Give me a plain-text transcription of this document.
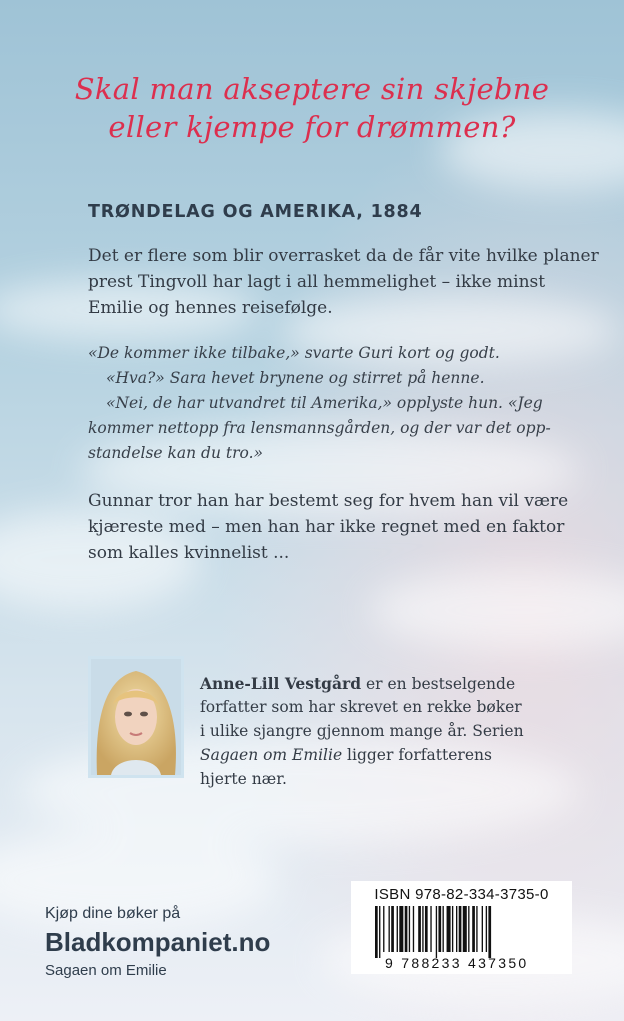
Skal man akseptere sin skjebne
eller kjempe for drømmen?
TRØNDELAG OG AMERIKA, 1884
Det er flere som blir overrasket da de får vite hvilke planer
prest Tingvoll har lagt i all hemmelighet – ikke minst
Emilie og hennes reisefølge.
«De kommer ikke tilbake,» svarte Guri kort og godt.
«Hva?» Sara hevet brynene og stirret på henne.
«Nei, de har utvandret til Amerika,» opplyste hun. «Jeg
kommer nettopp fra lensmannsgården, og der var det opp-
standelse kan du tro.»
Gunnar tror han har bestemt seg for hvem han vil være
kjæreste med – men han har ikke regnet med en faktor
som kalles kvinnelist ...
Anne-Lill Vestgård er en bestselgende
forfatter som har skrevet en rekke bøker
i ulike sjangre gjennom mange år. Serien
Sagaen om Emilie ligger forfatterens
hjerte nær.
ISBN 978-82-334-3735-0
9 788233 437350
Kjøp dine bøker på
Bladkompaniet.no
Sagaen om Emilie
